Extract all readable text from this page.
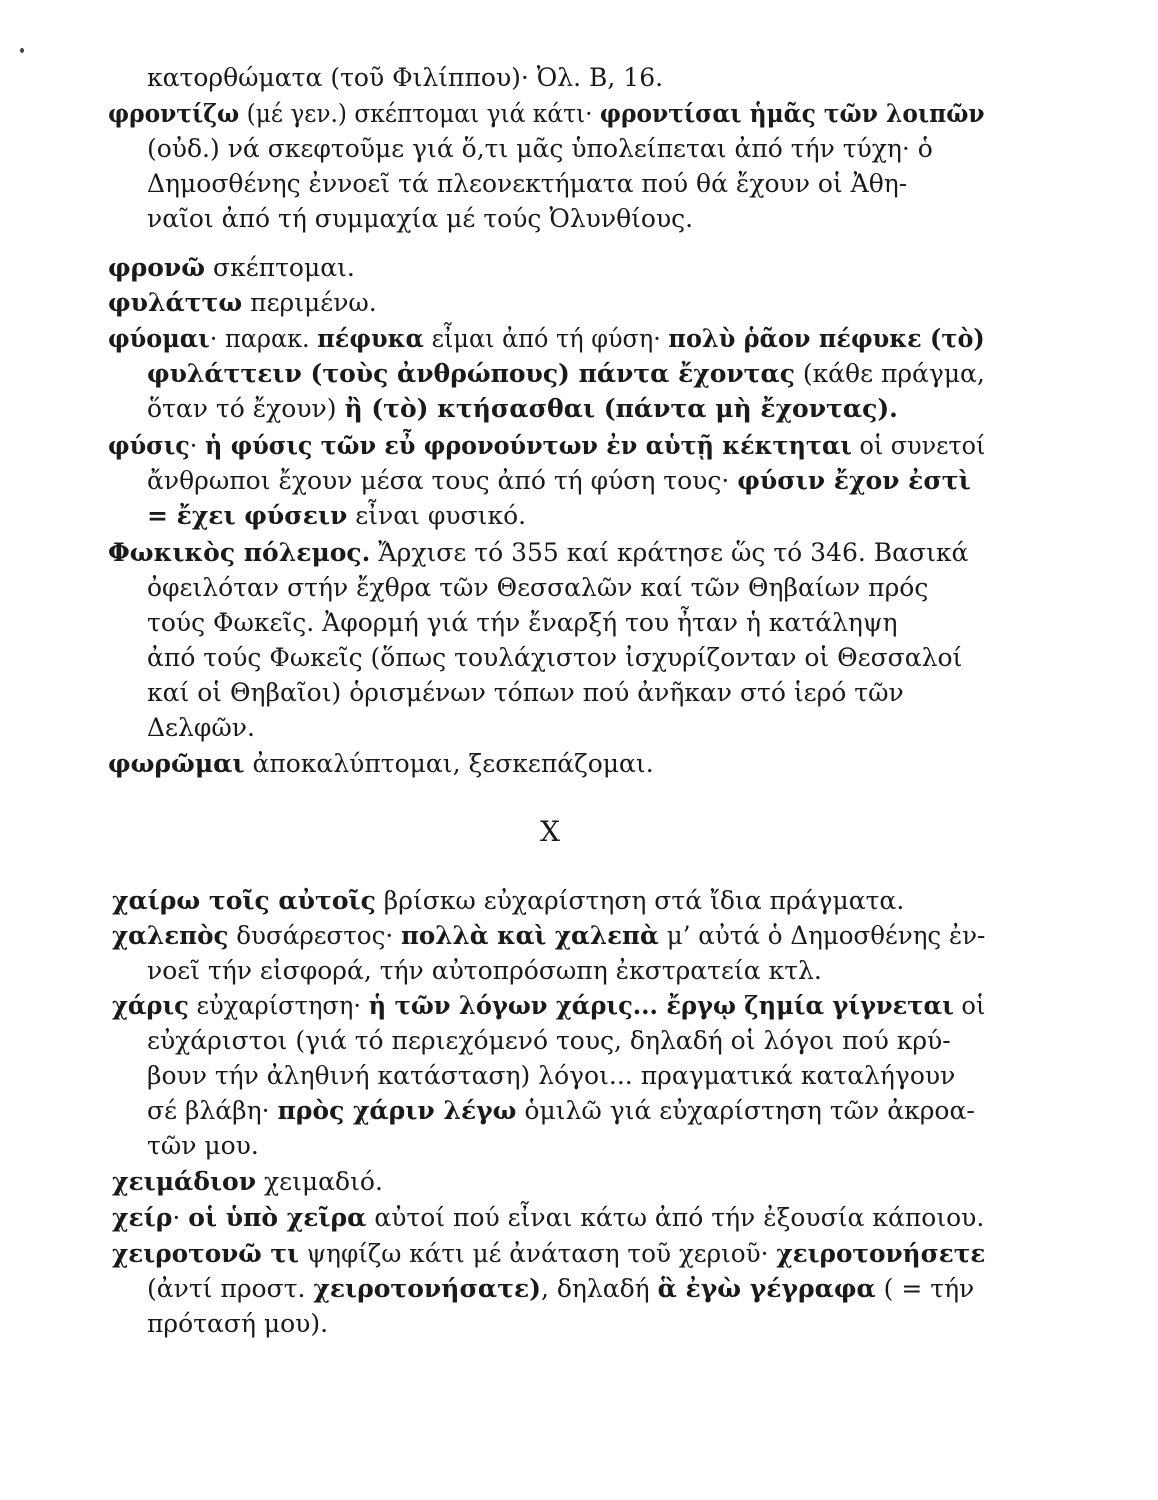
κατορθώματα (τοῦ Φιλίππου)· Ὀλ. Β, 16.
φροντίζω (μέ γεν.) σκέπτομαι γιά κάτι· φροντίσαι ἡμᾶς τῶν λοιπῶν
(οὐδ.) νά σκεφτοῦμε γιά ὅ,τι μᾶς ὑπολείπεται ἀπό τήν τύχη· ὁ
Δημοσθένης ἐννοεῖ τά πλεονεκτήματα πού θά ἔχουν οἱ Ἀθη-
ναῖοι ἀπό τή συμμαχία μέ τούς Ὀλυνθίους.
φρονῶ σκέπτομαι.
φυλάττω περιμένω.
φύομαι· παρακ. πέφυκα εἶμαι ἀπό τή φύση· πολὺ ῥᾶον πέφυκε (τὸ)
φυλάττειν (τοὺς ἀνθρώπους) πάντα ἔχοντας (κάθε πράγμα,
ὅταν τό ἔχουν) ἢ (τὸ) κτήσασθαι (πάντα μὴ ἔχοντας).
φύσις· ἡ φύσις τῶν εὖ φρονούντων ἐν αὑτῇ κέκτηται οἱ συνετοί
ἄνθρωποι ἔχουν μέσα τους ἀπό τή φύση τους· φύσιν ἔχον ἐστὶ
= ἔχει φύσειν εἶναι φυσικό.
Φωκικὸς πόλεμος. Ἄρχισε τό 355 καί κράτησε ὥς τό 346. Βασικά
ὀφειλόταν στήν ἔχθρα τῶν Θεσσαλῶν καί τῶν Θηβαίων πρός
τούς Φωκεῖς. Ἀφορμή γιά τήν ἔναρξή του ἦταν ἡ κατάληψη
ἀπό τούς Φωκεῖς (ὅπως τουλάχιστον ἰσχυρίζονταν οἱ Θεσσαλοί
καί οἱ Θηβαῖοι) ὁρισμένων τόπων πού ἀνῆκαν στό ἱερό τῶν
Δελφῶν.
φωρῶμαι ἀποκαλύπτομαι, ξεσκεπάζομαι.
Χ
χαίρω τοῖς αὐτοῖς βρίσκω εὐχαρίστηση στά ἴδια πράγματα.
χαλεπὸς δυσάρεστος· πολλὰ καὶ χαλεπὰ μ’ αὐτά ὁ Δημοσθένης ἐν-
νοεῖ τήν εἰσφορά, τήν αὐτοπρόσωπη ἐκστρατεία κτλ.
χάρις εὐχαρίστηση· ἡ τῶν λόγων χάρις... ἔργῳ ζημία γίγνεται οἱ
εὐχάριστοι (γιά τό περιεχόμενό τους, δηλαδή οἱ λόγοι πού κρύ-
βουν τήν ἀληθινή κατάσταση) λόγοι... πραγματικά καταλήγουν
σέ βλάβη· πρὸς χάριν λέγω ὁμιλῶ γιά εὐχαρίστηση τῶν ἀκροα-
τῶν μου.
χειμάδιον χειμαδιό.
χείρ· οἱ ὑπὸ χεῖρα αὐτοί πού εἶναι κάτω ἀπό τήν ἐξουσία κάποιου.
χειροτονῶ τι ψηφίζω κάτι μέ ἀνάταση τοῦ χεριοῦ· χειροτονήσετε
(ἀντί προστ. χειροτονήσατε), δηλαδή ἃ ἐγὼ γέγραφα ( = τήν
πρότασή μου).
